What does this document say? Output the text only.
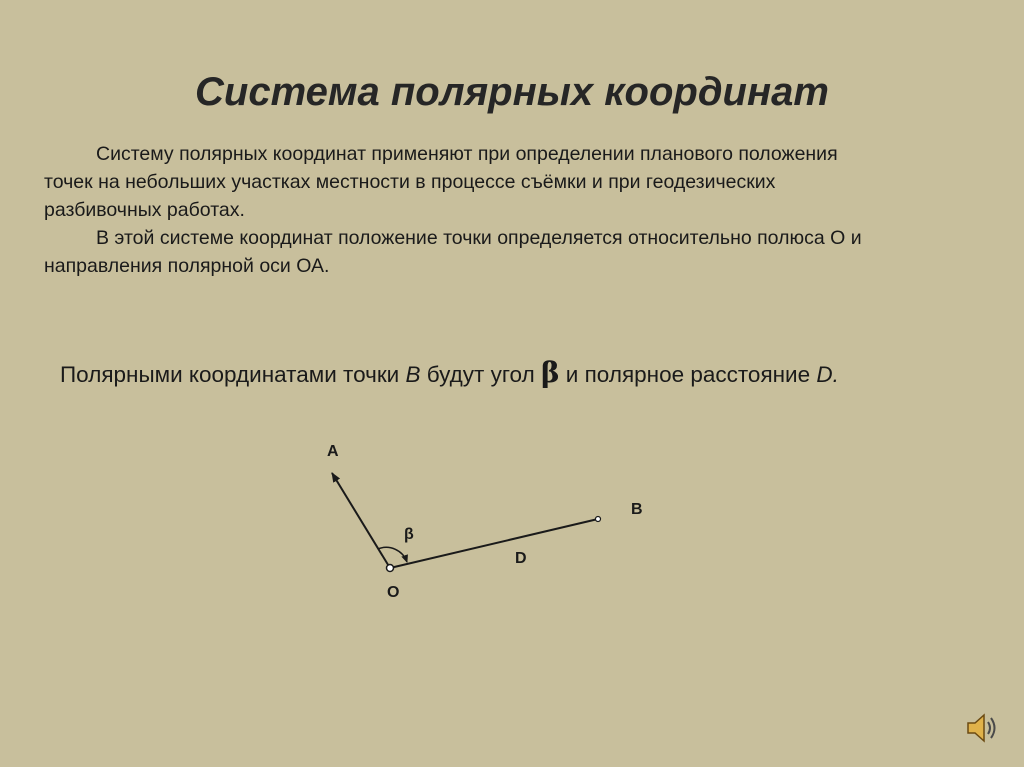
Система полярных координат

Систему полярных координат применяют при определении планового положения точек на небольших участках местности в процессе съёмки и при геодезических разбивочных работах.

В этой системе координат положение точки определяется относительно полюса О и направления полярной оси ОА.

Полярными координатами точки B будут угол β и полярное расстояние D.
A
B
O
D
β
